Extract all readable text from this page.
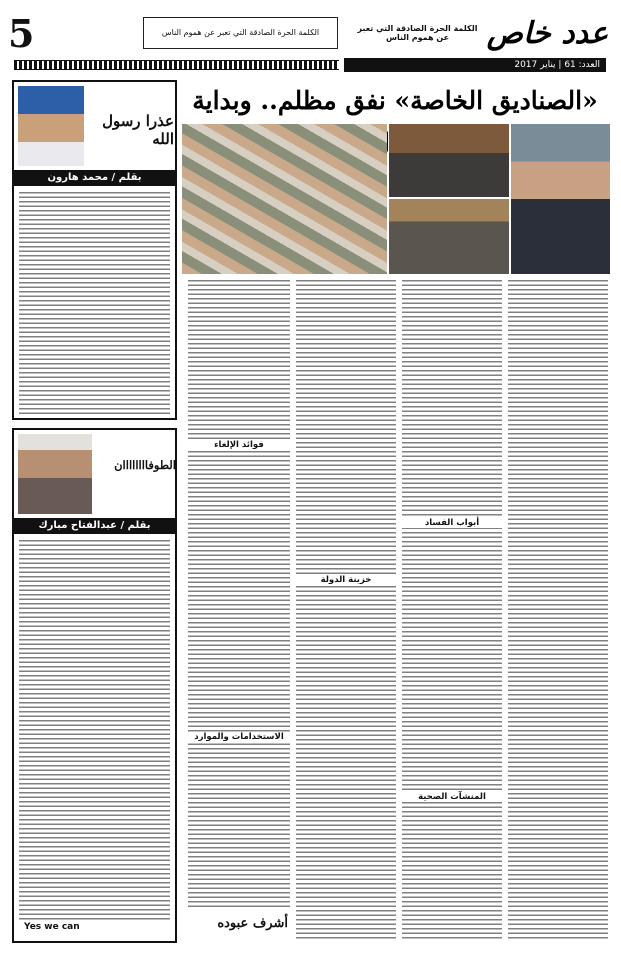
5	الكلمة الحرة الصادقة التي تعبر عن هموم الناس	الكلمة الحرة الصادقة التي تعبر عن هموم الناس	عدد خاص
العدد: 61 | يناير 2017
عذرا رسول الله
بقلم / محمد هارون
الطوفاااااااان
بقلم / عبدالفتاح مبارك
Yes we can
«الصناديق الخاصة» نفق مظلم.. وبداية
أبواب الفساد
المنشآت الصحية
خزينة الدولة
فوائد الإلغاء
الاستخدامات والموارد
أشرف عبوده
